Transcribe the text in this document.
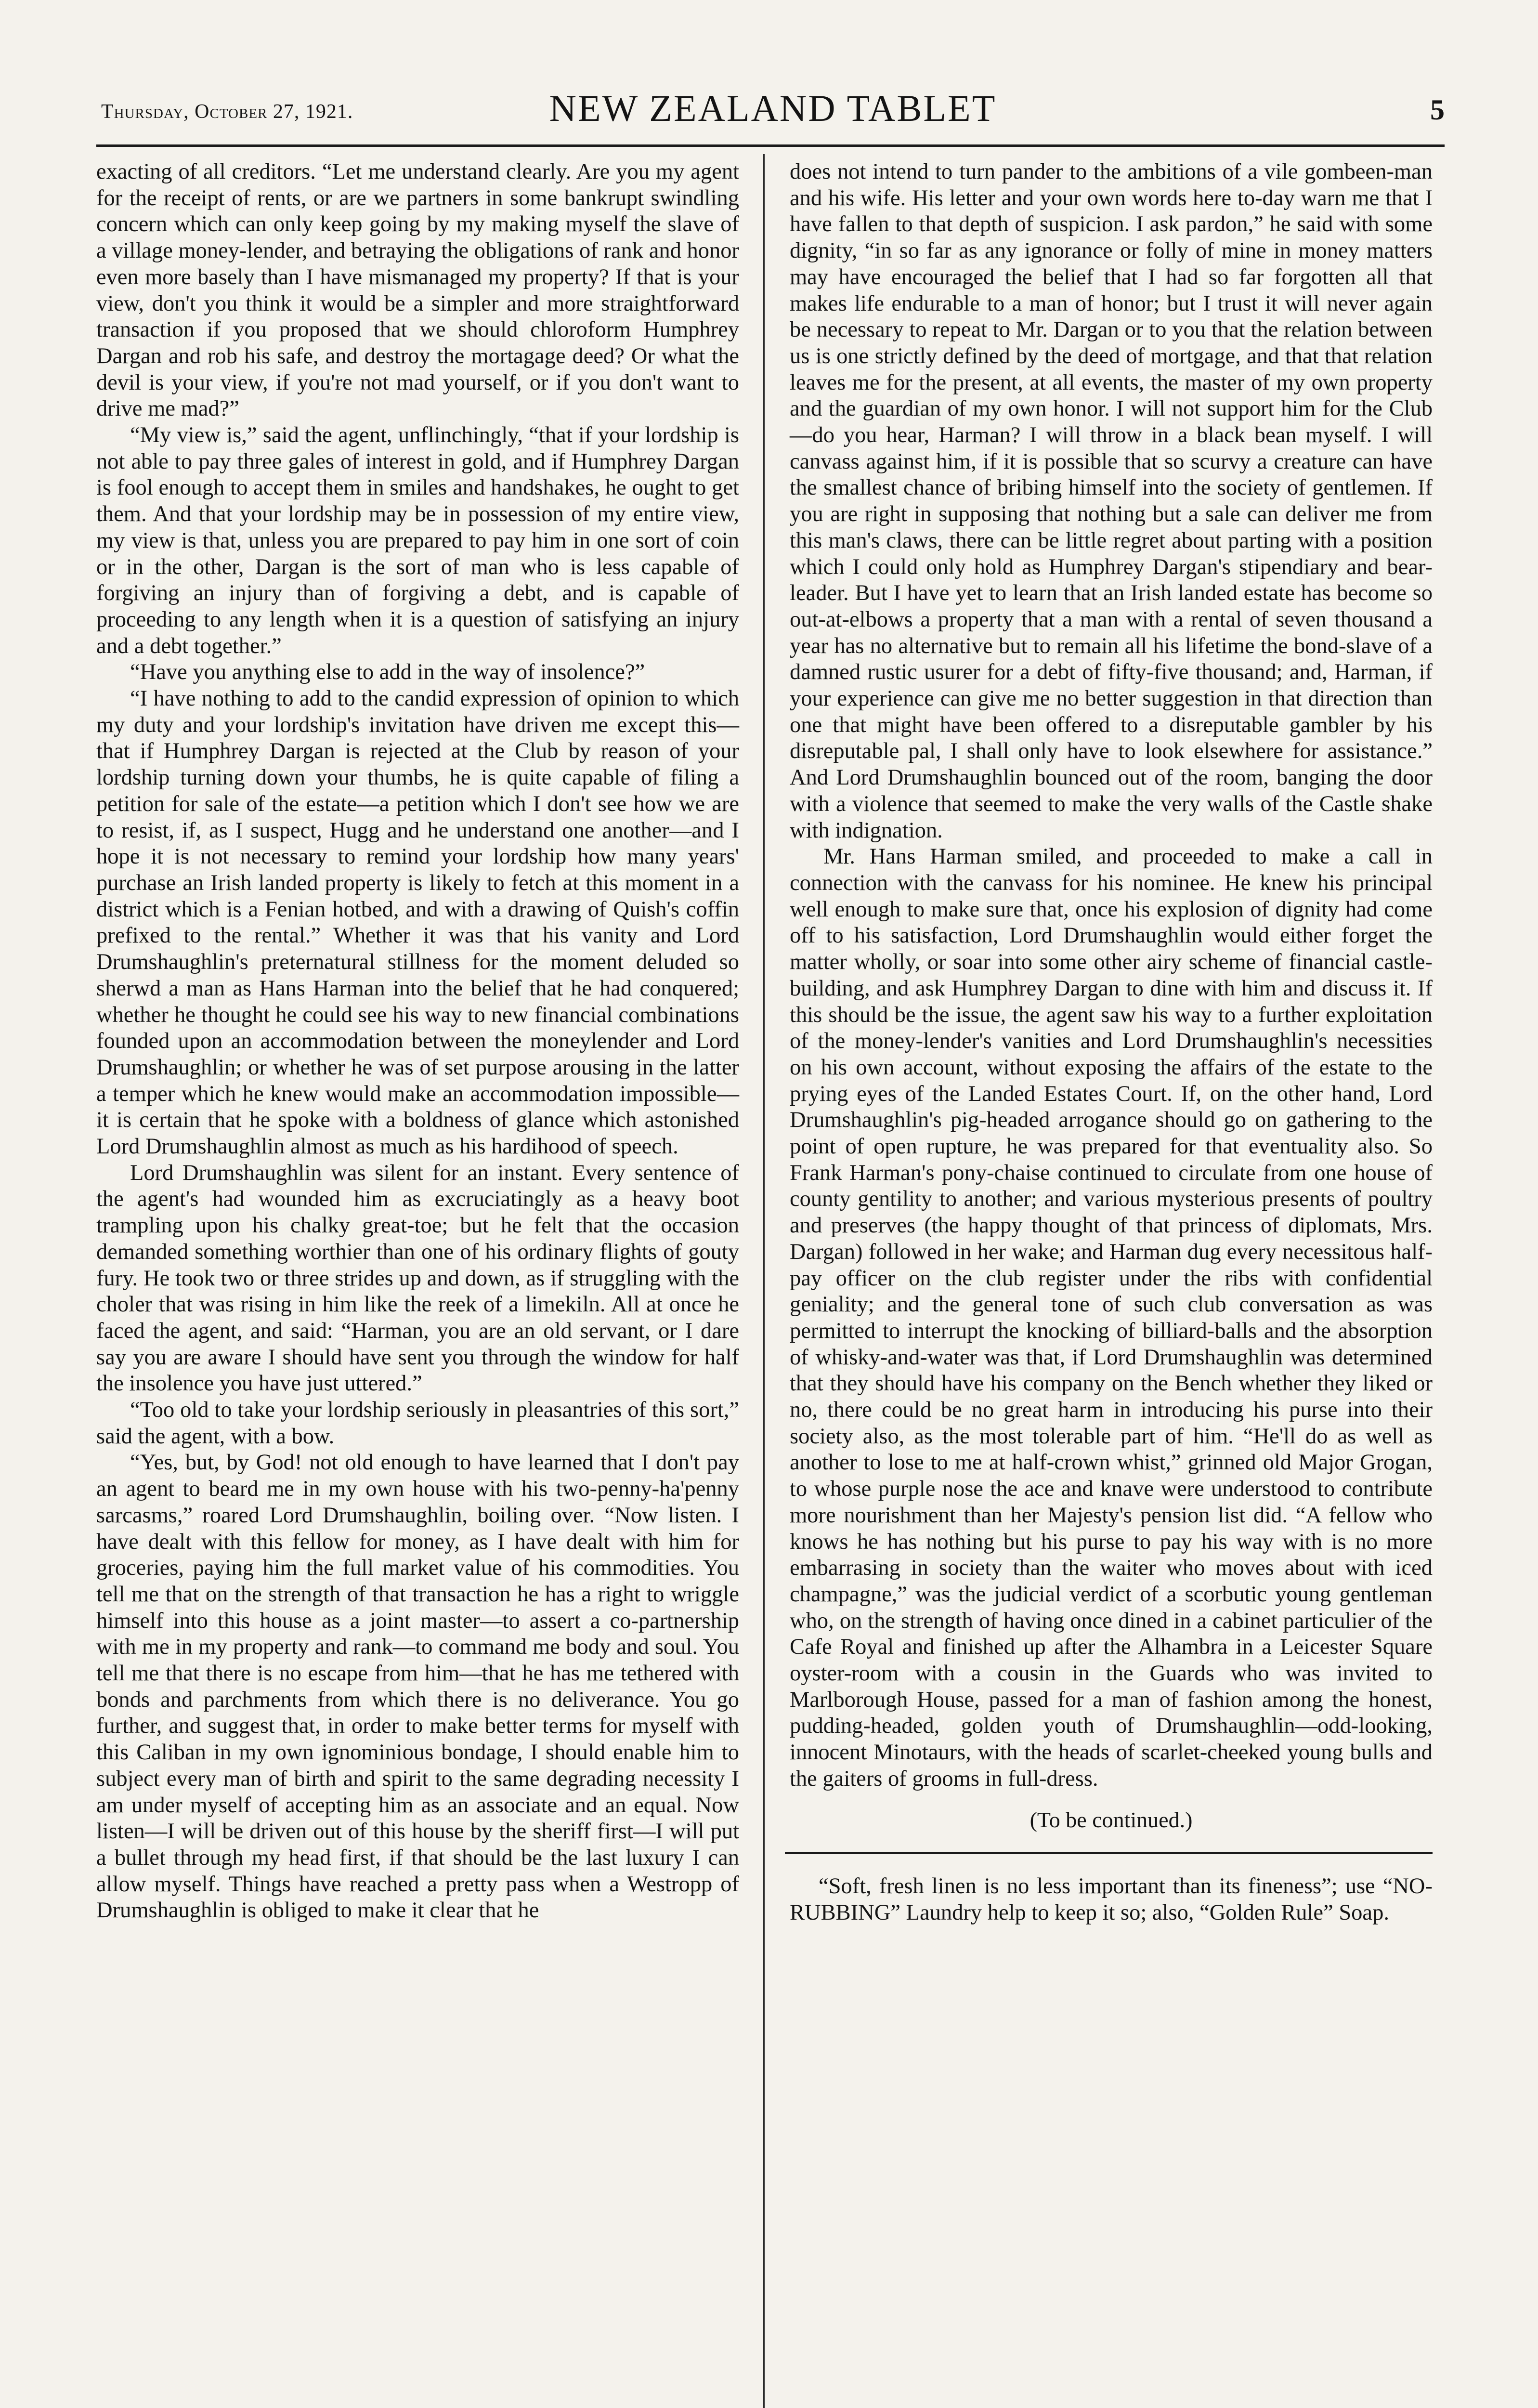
Thursday, October 27, 1921.	NEW ZEALAND TABLET	5

exacting of all creditors. “Let me understand clearly. Are you my agent for the receipt of rents, or are we partners in some bankrupt swindling concern which can only keep going by my making myself the slave of a village money-lender, and betraying the obligations of rank and honor even more basely than I have mismanaged my property? If that is your view, don't you think it would be a simpler and more straightforward transaction if you proposed that we should chloroform Humphrey Dargan and rob his safe, and destroy the mortagage deed? Or what the devil is your view, if you're not mad yourself, or if you don't want to drive me mad?”

“My view is,” said the agent, unflinchingly, “that if your lordship is not able to pay three gales of interest in gold, and if Humphrey Dargan is fool enough to accept them in smiles and handshakes, he ought to get them. And that your lordship may be in possession of my entire view, my view is that, unless you are prepared to pay him in one sort of coin or in the other, Dargan is the sort of man who is less capable of forgiving an injury than of forgiving a debt, and is capable of proceeding to any length when it is a question of satisfying an injury and a debt together.”

“Have you anything else to add in the way of insolence?”

“I have nothing to add to the candid expression of opinion to which my duty and your lordship's invitation have driven me except this—that if Humphrey Dargan is rejected at the Club by reason of your lordship turning down your thumbs, he is quite capable of filing a petition for sale of the estate—a petition which I don't see how we are to resist, if, as I suspect, Hugg and he understand one another—and I hope it is not necessary to remind your lordship how many years' purchase an Irish landed property is likely to fetch at this moment in a district which is a Fenian hotbed, and with a drawing of Quish's coffin prefixed to the rental.” Whether it was that his vanity and Lord Drumshaughlin's preternatural stillness for the moment deluded so sherwd a man as Hans Harman into the belief that he had conquered; whether he thought he could see his way to new financial combinations founded upon an accommodation between the moneylender and Lord Drumshaughlin; or whether he was of set purpose arousing in the latter a temper which he knew would make an accommodation impossible—it is certain that he spoke with a boldness of glance which astonished Lord Drumshaughlin almost as much as his hardihood of speech.

Lord Drumshaughlin was silent for an instant. Every sentence of the agent's had wounded him as excruciatingly as a heavy boot trampling upon his chalky great-toe; but he felt that the occasion demanded something worthier than one of his ordinary flights of gouty fury. He took two or three strides up and down, as if struggling with the choler that was rising in him like the reek of a limekiln. All at once he faced the agent, and said: “Harman, you are an old servant, or I dare say you are aware I should have sent you through the window for half the insolence you have just uttered.”

“Too old to take your lordship seriously in pleasantries of this sort,” said the agent, with a bow.

“Yes, but, by God! not old enough to have learned that I don't pay an agent to beard me in my own house with his two-penny-ha'penny sarcasms,” roared Lord Drumshaughlin, boiling over. “Now listen. I have dealt with this fellow for money, as I have dealt with him for groceries, paying him the full market value of his commodities. You tell me that on the strength of that transaction he has a right to wriggle himself into this house as a joint master—to assert a co-partnership with me in my property and rank—to command me body and soul. You tell me that there is no escape from him—that he has me tethered with bonds and parchments from which there is no deliverance. You go further, and suggest that, in order to make better terms for myself with this Caliban in my own ignominious bondage, I should enable him to subject every man of birth and spirit to the same degrading necessity I am under myself of accepting him as an associate and an equal. Now listen—I will be driven out of this house by the sheriff first—I will put a bullet through my head first, if that should be the last luxury I can allow myself. Things have reached a pretty pass when a Westropp of Drumshaughlin is obliged to make it clear that he

does not intend to turn pander to the ambitions of a vile gombeen-man and his wife. His letter and your own words here to-day warn me that I have fallen to that depth of suspicion. I ask pardon,” he said with some dignity, “in so far as any ignorance or folly of mine in money matters may have encouraged the belief that I had so far forgotten all that makes life endurable to a man of honor; but I trust it will never again be necessary to repeat to Mr. Dargan or to you that the relation between us is one strictly defined by the deed of mortgage, and that that relation leaves me for the present, at all events, the master of my own property and the guardian of my own honor. I will not support him for the Club—do you hear, Harman? I will throw in a black bean myself. I will canvass against him, if it is possible that so scurvy a creature can have the smallest chance of bribing himself into the society of gentlemen. If you are right in supposing that nothing but a sale can deliver me from this man's claws, there can be little regret about parting with a position which I could only hold as Humphrey Dargan's stipendiary and bear-leader. But I have yet to learn that an Irish landed estate has become so out-at-elbows a property that a man with a rental of seven thousand a year has no alternative but to remain all his lifetime the bond-slave of a damned rustic usurer for a debt of fifty-five thousand; and, Harman, if your experience can give me no better suggestion in that direction than one that might have been offered to a disreputable gambler by his disreputable pal, I shall only have to look elsewhere for assistance.” And Lord Drumshaughlin bounced out of the room, banging the door with a violence that seemed to make the very walls of the Castle shake with indignation.

Mr. Hans Harman smiled, and proceeded to make a call in connection with the canvass for his nominee. He knew his principal well enough to make sure that, once his explosion of dignity had come off to his satisfaction, Lord Drumshaughlin would either forget the matter wholly, or soar into some other airy scheme of financial castle-building, and ask Humphrey Dargan to dine with him and discuss it. If this should be the issue, the agent saw his way to a further exploitation of the money-lender's vanities and Lord Drumshaughlin's necessities on his own account, without exposing the affairs of the estate to the prying eyes of the Landed Estates Court. If, on the other hand, Lord Drumshaughlin's pig-headed arrogance should go on gathering to the point of open rupture, he was prepared for that eventuality also. So Frank Harman's pony-chaise continued to circulate from one house of county gentility to another; and various mysterious presents of poultry and preserves (the happy thought of that princess of diplomats, Mrs. Dargan) followed in her wake; and Harman dug every necessitous half-pay officer on the club register under the ribs with confidential geniality; and the general tone of such club conversation as was permitted to interrupt the knocking of billiard-balls and the absorption of whisky-and-water was that, if Lord Drumshaughlin was determined that they should have his company on the Bench whether they liked or no, there could be no great harm in introducing his purse into their society also, as the most tolerable part of him. “He'll do as well as another to lose to me at half-crown whist,” grinned old Major Grogan, to whose purple nose the ace and knave were understood to contribute more nourishment than her Majesty's pension list did. “A fellow who knows he has nothing but his purse to pay his way with is no more embarrasing in society than the waiter who moves about with iced champagne,” was the judicial verdict of a scorbutic young gentleman who, on the strength of having once dined in a cabinet particulier of the Cafe Royal and finished up after the Alhambra in a Leicester Square oyster-room with a cousin in the Guards who was invited to Marlborough House, passed for a man of fashion among the honest, pudding-headed, golden youth of Drumshaughlin—odd-looking, innocent Minotaurs, with the heads of scarlet-cheeked young bulls and the gaiters of grooms in full-dress.

(To be continued.)

“Soft, fresh linen is no less important than its fineness”; use “NO-RUBBING” Laundry help to keep it so; also, “Golden Rule” Soap.
